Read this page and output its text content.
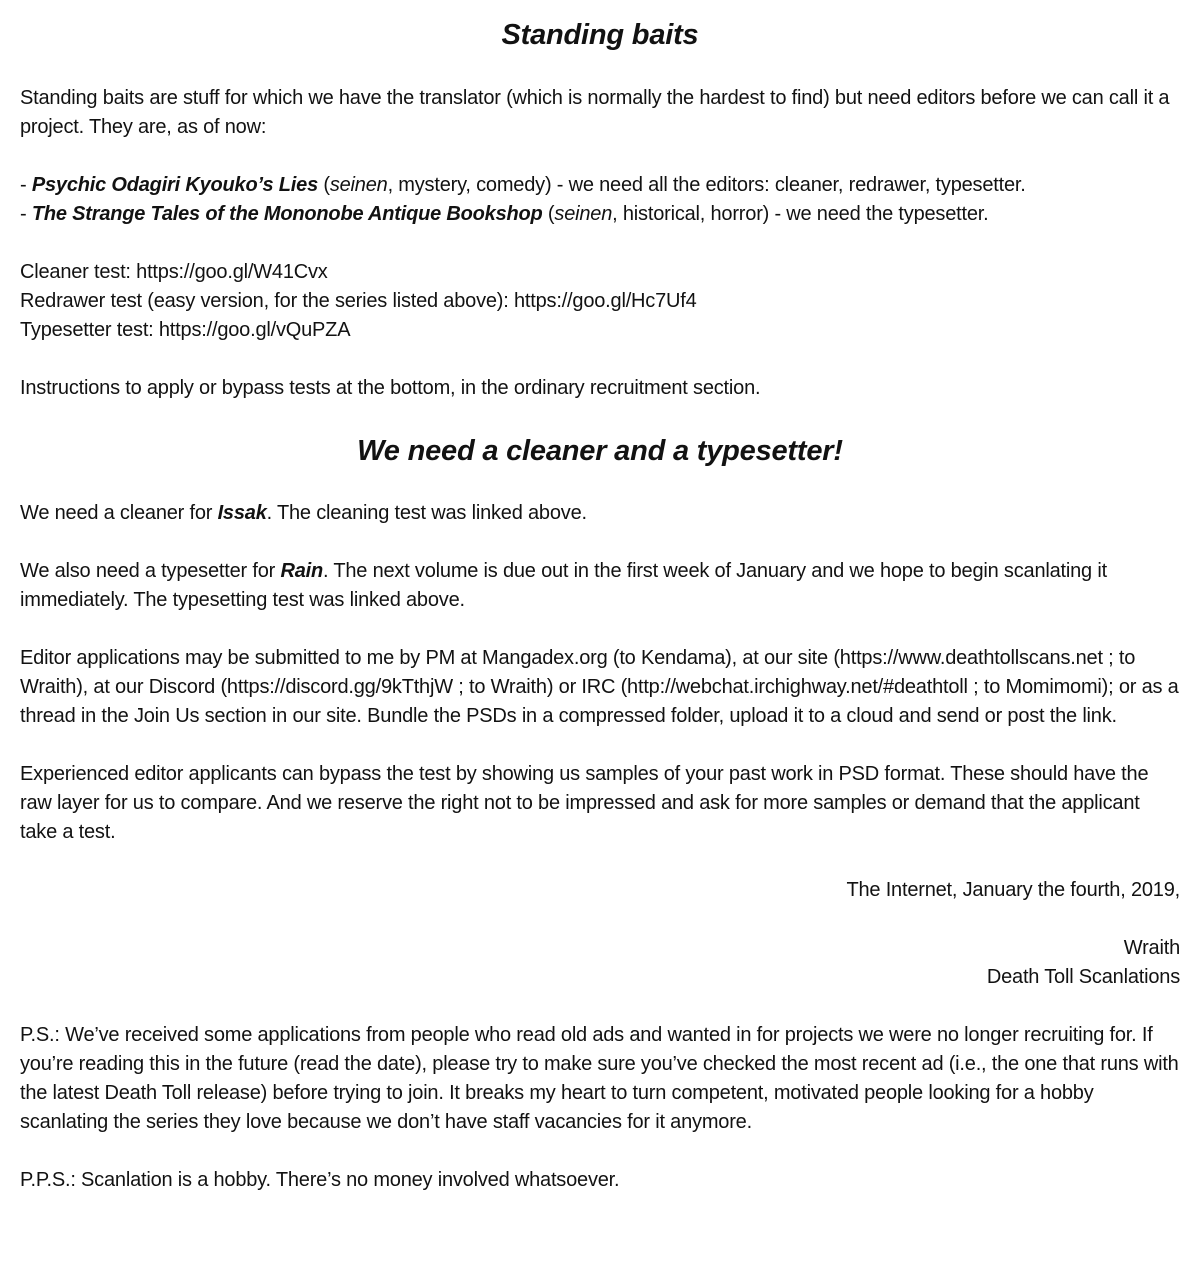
Standing baits

Standing baits are stuff for which we have the translator (which is normally the hardest to find) but need editors before we can call it a project. They are, as of now:

- Psychic Odagiri Kyouko’s Lies (seinen, mystery, comedy) - we need all the editors: cleaner, redrawer, typesetter.
- The Strange Tales of the Mononobe Antique Bookshop (seinen, historical, horror) - we need the typesetter.
Cleaner test: https://goo.gl/W41Cvx
Redrawer test (easy version, for the series listed above): https://goo.gl/Hc7Uf4
Typesetter test: https://goo.gl/vQuPZA

Instructions to apply or bypass tests at the bottom, in the ordinary recruitment section.

We need a cleaner and a typesetter!

We need a cleaner for Issak. The cleaning test was linked above.

We also need a typesetter for Rain. The next volume is due out in the first week of January and we hope to begin scanlating it immediately. The typesetting test was linked above.

Editor applications may be submitted to me by PM at Mangadex.org (to Kendama), at our site (https://www.deathtollscans.net ; to Wraith), at our Discord (https://discord.gg/9kTthjW ; to Wraith) or IRC (http://webchat.irchighway.net/#deathtoll ; to Momimomi); or as a thread in the Join Us section in our site. Bundle the PSDs in a compressed folder, upload it to a cloud and send or post the link.

Experienced editor applicants can bypass the test by showing us samples of your past work in PSD format. These should have the raw layer for us to compare. And we reserve the right not to be impressed and ask for more samples or demand that the applicant take a test.

The Internet, January the fourth, 2019,

Wraith
Death Toll Scanlations

P.S.: We’ve received some applications from people who read old ads and wanted in for projects we were no longer recruiting for. If you’re reading this in the future (read the date), please try to make sure you’ve checked the most recent ad (i.e., the one that runs with the latest Death Toll release) before trying to join. It breaks my heart to turn competent, motivated people looking for a hobby scanlating the series they love because we don’t have staff vacancies for it anymore.

P.P.S.: Scanlation is a hobby. There’s no money involved whatsoever.
